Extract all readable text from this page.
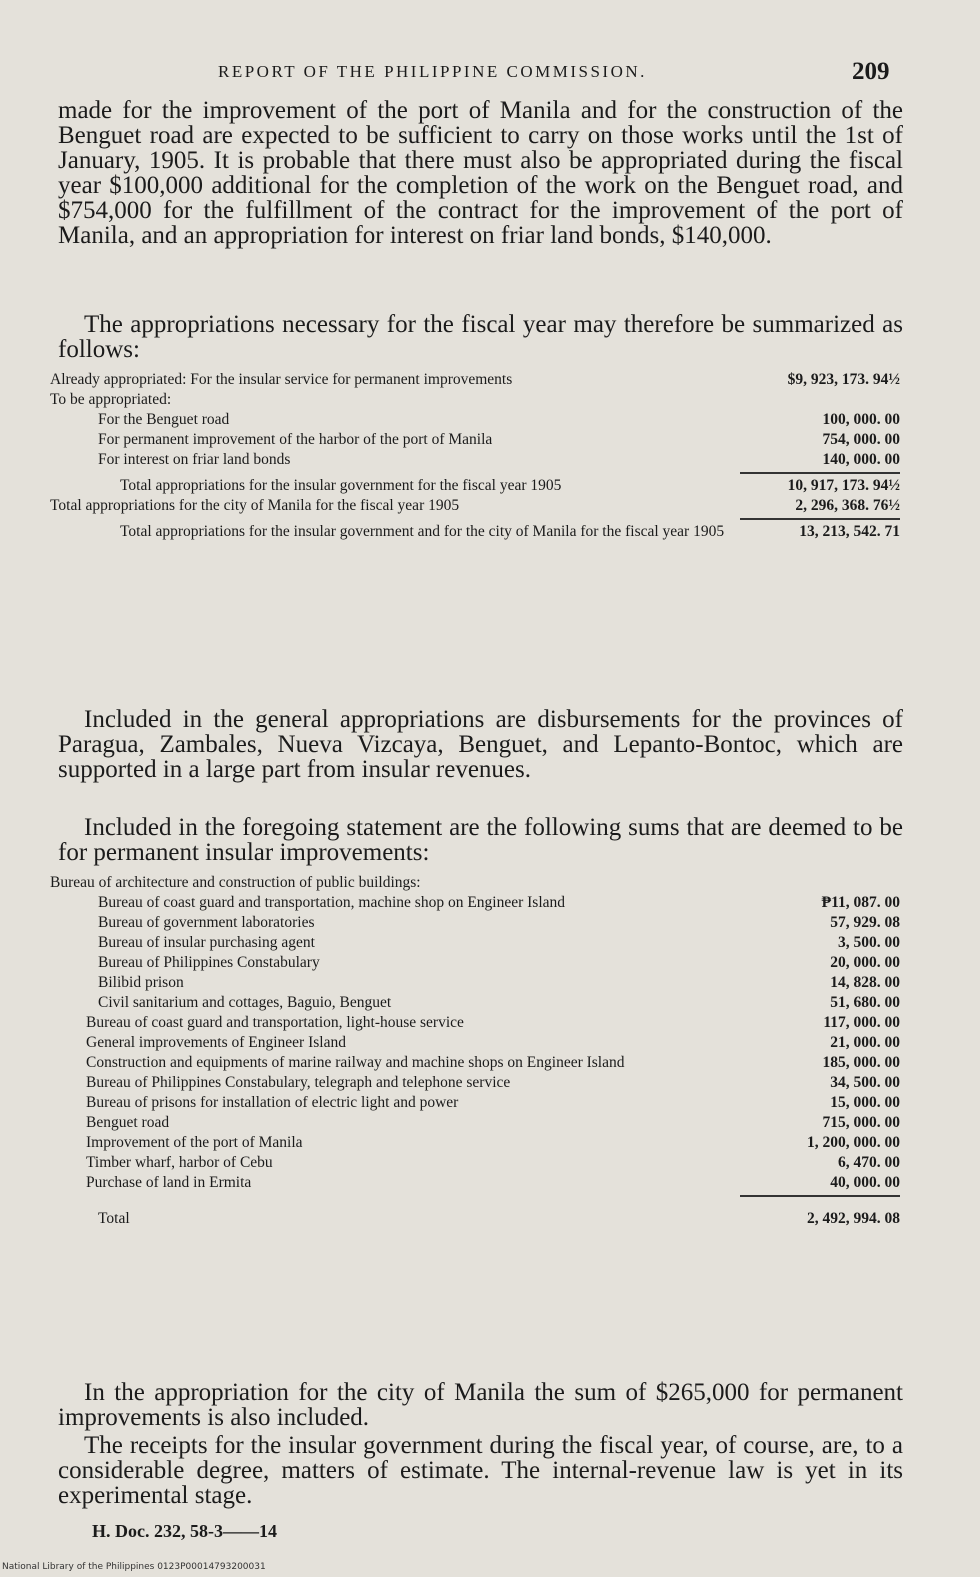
REPORT OF THE PHILIPPINE COMMISSION.	209

made for the improvement of the port of Manila and for the construction of the Benguet road are expected to be sufficient to carry on those works until the 1st of January, 1905. It is probable that there must also be appropriated during the fiscal year $100,000 additional for the completion of the work on the Benguet road, and $754,000 for the fulfillment of the contract for the improvement of the port of Manila, and an appropriation for interest on friar land bonds, $140,000.

The appropriations necessary for the fiscal year may therefore be summarized as follows:

Already appropriated: For the insular service for permanent improvements	$9, 923, 173. 94½
To be appropriated:
For the Benguet road	100, 000. 00
For permanent improvement of the harbor of the port of Manila	754, 000. 00
For interest on friar land bonds	140, 000. 00
Total appropriations for the insular government for the fiscal year 1905	10, 917, 173. 94½
Total appropriations for the city of Manila for the fiscal year 1905	2, 296, 368. 76½
Total appropriations for the insular government and for the city of Manila for the fiscal year 1905	13, 213, 542. 71

Included in the general appropriations are disbursements for the provinces of Paragua, Zambales, Nueva Vizcaya, Benguet, and Lepanto-Bontoc, which are supported in a large part from insular revenues.

Included in the foregoing statement are the following sums that are deemed to be for permanent insular improvements:

Bureau of architecture and construction of public buildings:
Bureau of coast guard and transportation, machine shop on Engineer Island	₱11, 087. 00
Bureau of government laboratories	57, 929. 08
Bureau of insular purchasing agent	3, 500. 00
Bureau of Philippines Constabulary	20, 000. 00
Bilibid prison	14, 828. 00
Civil sanitarium and cottages, Baguio, Benguet	51, 680. 00
Bureau of coast guard and transportation, light-house service	117, 000. 00
General improvements of Engineer Island	21, 000. 00
Construction and equipments of marine railway and machine shops on Engineer Island	185, 000. 00
Bureau of Philippines Constabulary, telegraph and telephone service	34, 500. 00
Bureau of prisons for installation of electric light and power	15, 000. 00
Benguet road	715, 000. 00
Improvement of the port of Manila	1, 200, 000. 00
Timber wharf, harbor of Cebu	6, 470. 00
Purchase of land in Ermita	40, 000. 00
Total	2, 492, 994. 08

In the appropriation for the city of Manila the sum of $265,000 for permanent improvements is also included.

The receipts for the insular government during the fiscal year, of course, are, to a considerable degree, matters of estimate. The internal-revenue law is yet in its experimental stage.

H. Doc. 232, 58-3——14
National Library of the Philippines 0123P00014793200031
